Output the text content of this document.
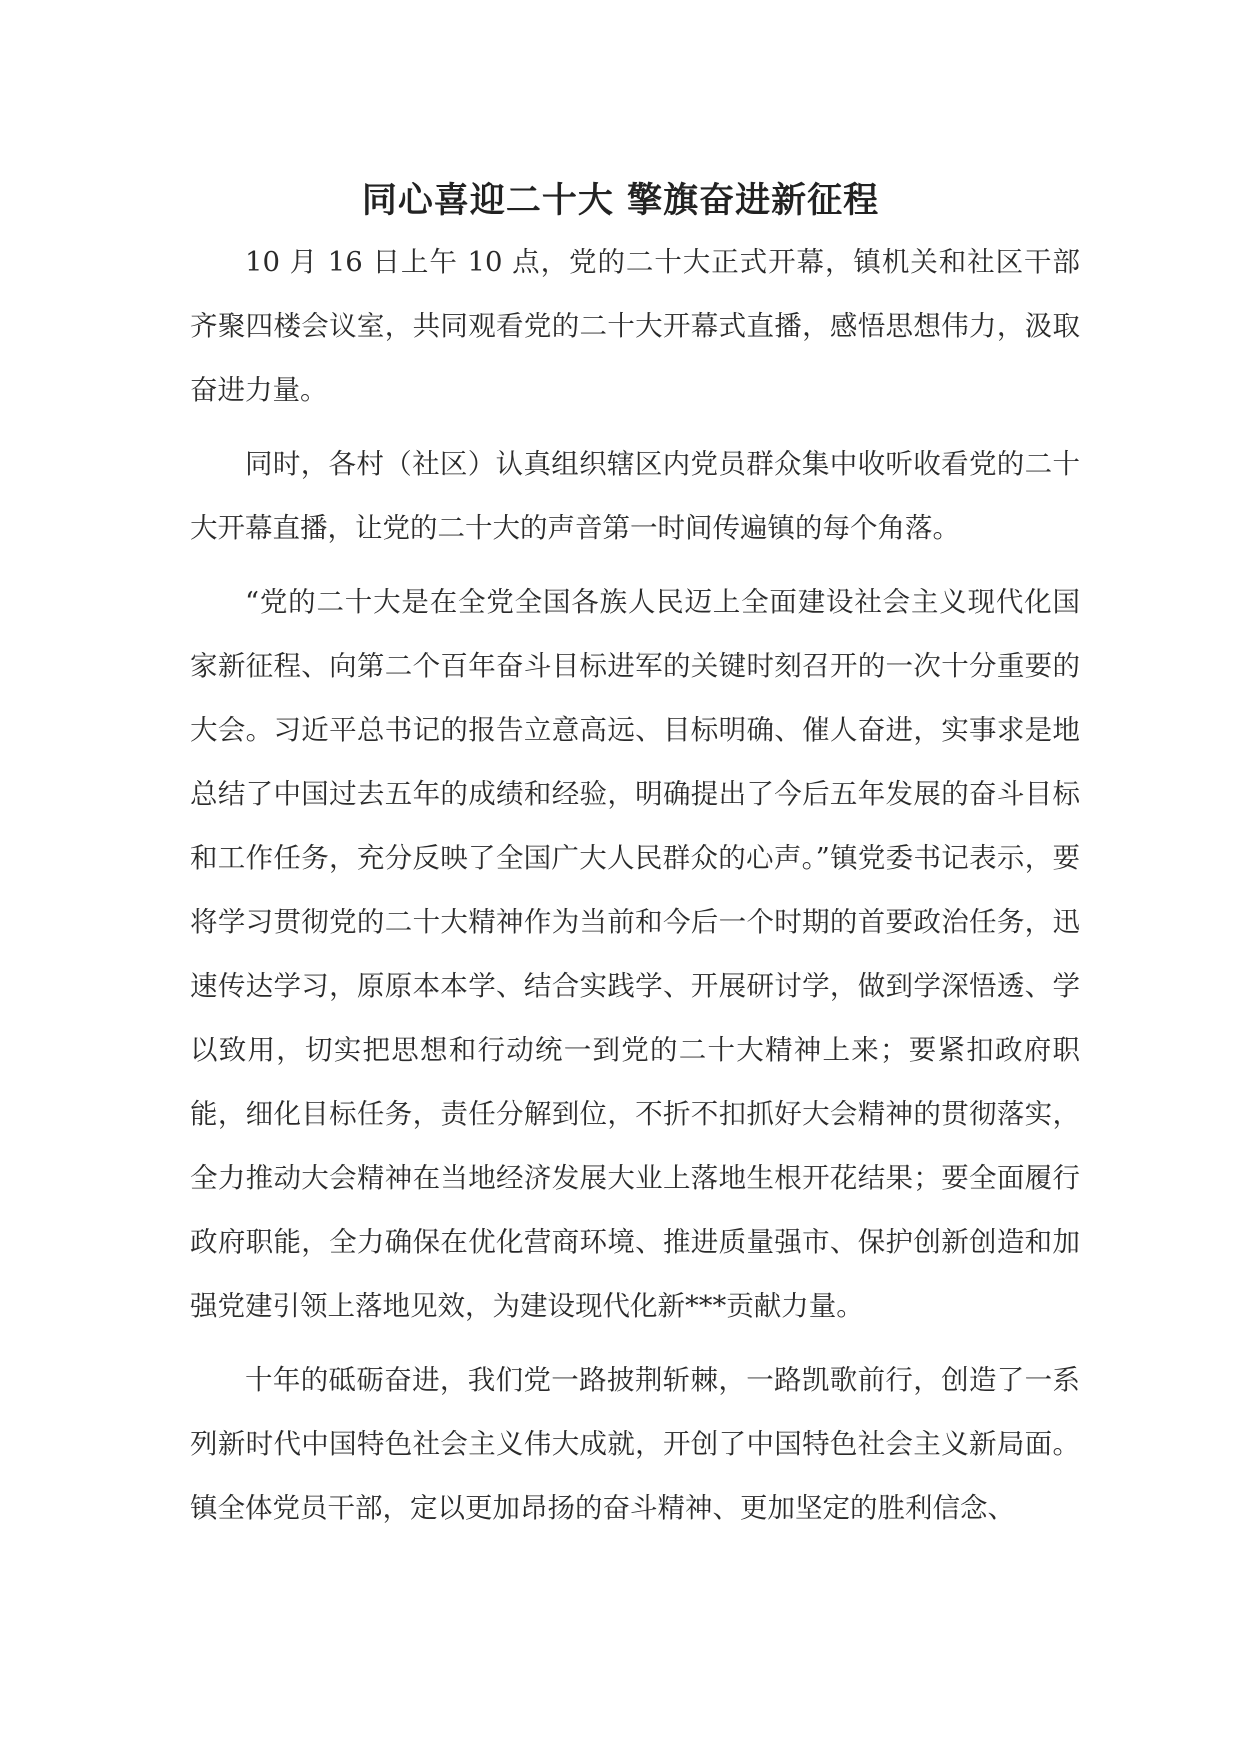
同心喜迎二十大 擎旗奋进新征程

10 月 16 日上午 10 点，党的二十大正式开幕，镇机关和社区干部齐聚四楼会议室，共同观看党的二十大开幕式直播，感悟思想伟力，汲取奋进力量。

同时，各村（社区）认真组织辖区内党员群众集中收听收看党的二十大开幕直播，让党的二十大的声音第一时间传遍镇的每个角落。

“党的二十大是在全党全国各族人民迈上全面建设社会主义现代化国家新征程、向第二个百年奋斗目标进军的关键时刻召开的一次十分重要的大会。习近平总书记的报告立意高远、目标明确、催人奋进，实事求是地总结了中国过去五年的成绩和经验，明确提出了今后五年发展的奋斗目标和工作任务，充分反映了全国广大人民群众的心声。”镇党委书记表示，要将学习贯彻党的二十大精神作为当前和今后一个时期的首要政治任务，迅速传达学习，原原本本学、结合实践学、开展研讨学，做到学深悟透、学以致用，切实把思想和行动统一到党的二十大精神上来；要紧扣政府职能，细化目标任务，责任分解到位，不折不扣抓好大会精神的贯彻落实，全力推动大会精神在当地经济发展大业上落地生根开花结果；要全面履行政府职能，全力确保在优化营商环境、推进质量强市、保护创新创造和加强党建引领上落地见效，为建设现代化新***贡献力量。

十年的砥砺奋进，我们党一路披荆斩棘，一路凯歌前行，创造了一系列新时代中国特色社会主义伟大成就，开创了中国特色社会主义新局面。镇全体党员干部，定以更加昂扬的奋斗精神、更加坚定的胜利信念、
